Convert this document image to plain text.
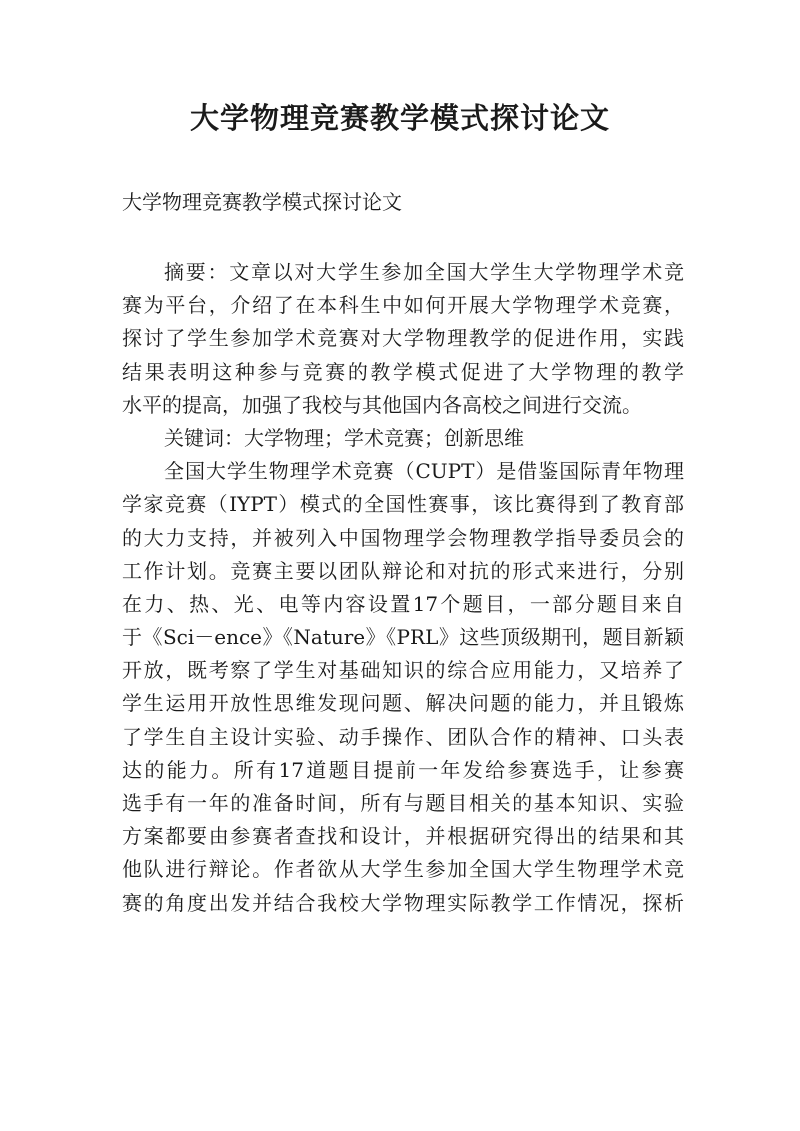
大学物理竞赛教学模式探讨论文

大学物理竞赛教学模式探讨论文

摘要：文章以对大学生参加全国大学生大学物理学术竞
赛为平台，介绍了在本科生中如何开展大学物理学术竞赛，
探讨了学生参加学术竞赛对大学物理教学的促进作用，实践
结果表明这种参与竞赛的教学模式促进了大学物理的教学
水平的提高，加强了我校与其他国内各高校之间进行交流。
关键词：大学物理；学术竞赛；创新思维
全国大学生物理学术竞赛（CUPT）是借鉴国际青年物理
学家竞赛（IYPT）模式的全国性赛事，该比赛得到了教育部
的大力支持，并被列入中国物理学会物理教学指导委员会的
工作计划。竞赛主要以团队辩论和对抗的形式来进行，分别
在力、热、光、电等内容设置17个题目，一部分题目来自
于《Sci－ence》《Nature》《PRL》这些顶级期刊，题目新颖
开放，既考察了学生对基础知识的综合应用能力，又培养了
学生运用开放性思维发现问题、解决问题的能力，并且锻炼
了学生自主设计实验、动手操作、团队合作的精神、口头表
达的能力。所有17道题目提前一年发给参赛选手，让参赛
选手有一年的准备时间，所有与题目相关的基本知识、实验
方案都要由参赛者查找和设计，并根据研究得出的结果和其
他队进行辩论。作者欲从大学生参加全国大学生物理学术竞
赛的角度出发并结合我校大学物理实际教学工作情况，探析
